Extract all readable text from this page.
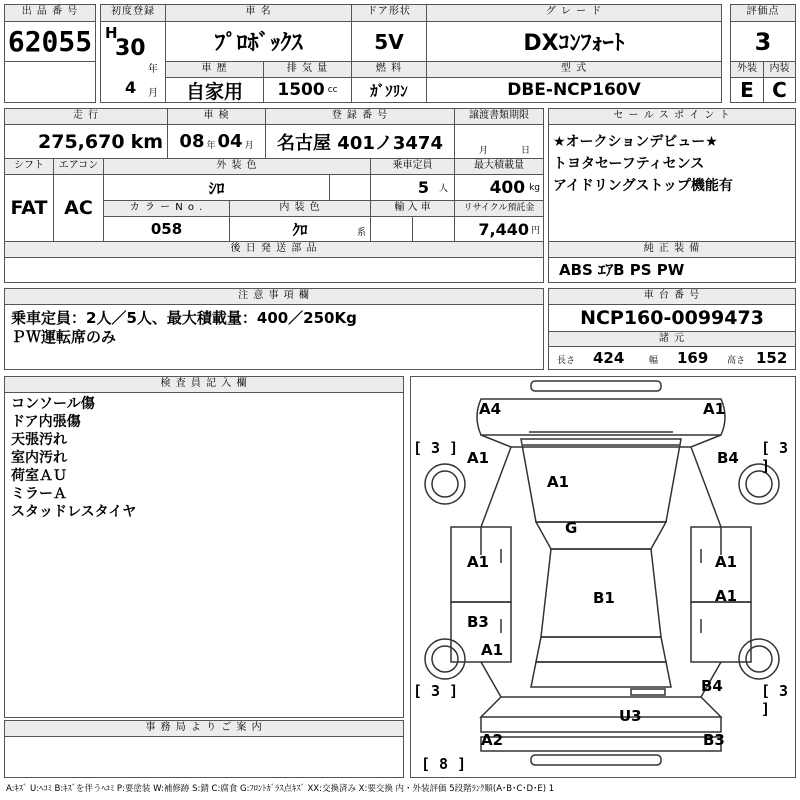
出 品 番 号
62055
初度登録
H
30
年
4 月
車 名
ﾌﾟﾛﾎﾞｯｸｽ
ドア形状
5V
グ レ ー ド
DXｺﾝﾌｫｰﾄ
評価点
3
車 歴
自家用
排 気 量
1500 cc
燃 料
ｶﾞｿﾘﾝ
型 式
DBE-NCP160V
外装	内装
E C
走 行
275,670 km
車 検
08 年 04 月
登 録 番 号
名古屋 401ノ3474
譲渡書類期限
月	日
シフト
FAT
エアコン
AC
外 装 色
ｼﾛ
乗車定員
5 人
最大積載量
400 kg
カ ラ ー N o .
058
内 装 色
ｸﾛ	系
輸 入 車	リサイクル預託金
7,440 円
後 日 発 送 部 品
セ ー ル ス ポ イ ン ト
★オークションデビュー★
トヨタセーフティセンス
アイドリングストップ機能有
純 正 装 備
ABS ｴｱB PS PW
注 意 事 項 欄
乗車定員：2人／5人、最大積載量：400／250Kg
ＰＷ運転席のみ
車 台 番 号
NCP160-0099473
諸 元
長さ 424	幅 169 高さ 152
検 査 員 記 入 欄
コンソール傷
ドア内張傷
天張汚れ
室内汚れ
荷室ＡＵ
ミラーＡ
スタッドレスタイヤ
事 務 局 よ り ご 案 内
[ 3 ]	[ 3 ]
[ 3 ]	[ 3 ]
[ 8 ]
A4	A1
A1	B4
A1
G
A1	A1
A1
B1
B3
A1
B4
U3
A2	B3
A:ｷｽﾞ U:ﾍｺﾐ B:ｷｽﾞを伴うﾍｺﾐ P:要塗装 W:補修跡 S:錆 C:腐食 G:ﾌﾛﾝﾄｶﾞﾗｽ点ｷｽﾞ XX:交換済み X:要交換 内・外装評価 5段階ﾗﾝｸ順(A･B･C･D･E) 1
